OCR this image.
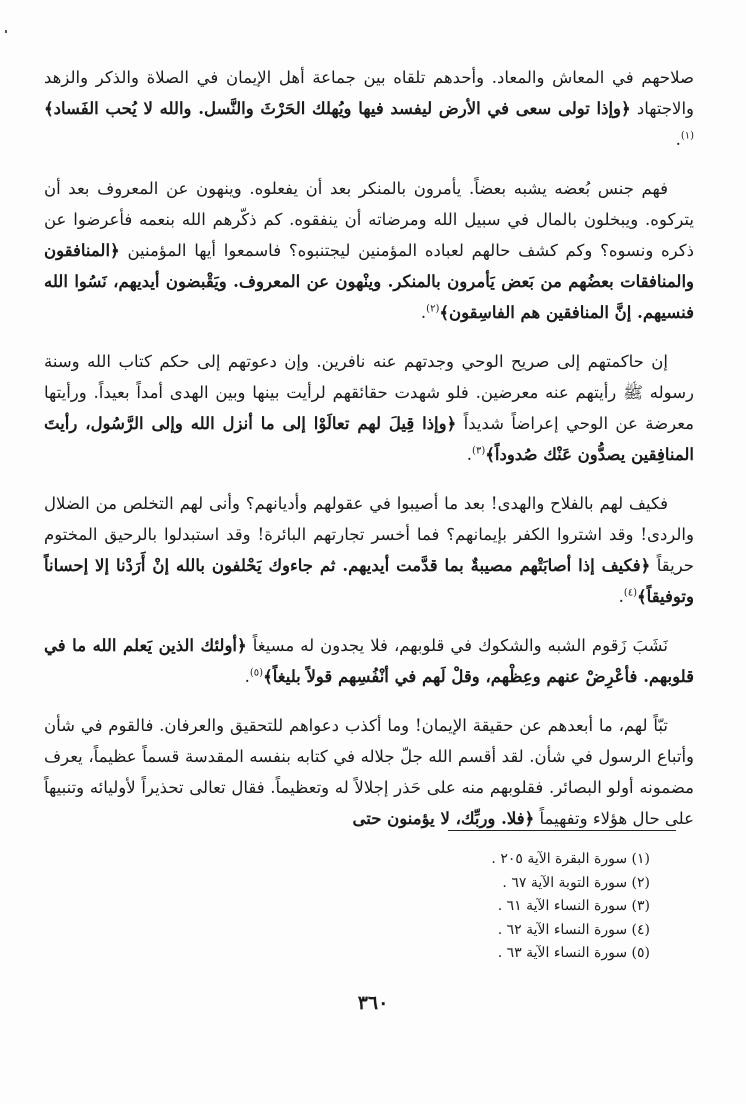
صلاحهم في المعاش والمعاد. وأحدهم تلقاه بين جماعة أهل الإيمان في الصلاة والذكر والزهد والاجتهاد ﴿وإذا تولى سعى في الأرض ليفسد فيها ويُهلك الحَرْثَ والنَّسل. والله لا يُحب الفَساد﴾$^{(١)}$.

فهم جنس بُعضه يشبه بعضاً. يأمرون بالمنكر بعد أن يفعلوه. وينهون عن المعروف بعد أن يتركوه. ويبخلون بالمال في سبيل الله ومرضاته أن ينفقوه. كم ذكّرهم الله بنعمه فأعرضوا عن ذكره ونسوه؟ وكم كشف حالهم لعباده المؤمنين ليجتنبوه؟ فاسمعوا أيها المؤمنين ﴿المنافقون والمنافقات بعضُهم من بَعض يَأمرون بالمنكر. وينْهون عن المعروف. ويَقْبضون أيديهم، نَسُوا الله فنسيهم. إنَّ المنافقين هم الفاسِقون﴾$^{(٢)}$.

إن حاكمتهم إلى صريح الوحي وجدتهم عنه نافرين. وإن دعوتهم إلى حكم كتاب الله وسنة رسوله ﷺ رأيتهم عنه معرضين. فلو شهدت حقائقهم لرأيت بينها وبين الهدى أمداً بعيداً. ورأيتها معرضة عن الوحي إعراضاً شديداً ﴿وإذا قِيلَ لهم تعالَوْا إلى ما أنزل الله وإلى الرَّسُول، رأيتَ المنافِقين يصدُّون عَنْك صُدوداً﴾$^{(٣)}$.

فكيف لهم بالفلاح والهدى! بعد ما أصيبوا في عقولهم وأديانهم؟ وأنى لهم التخلص من الضلال والردى! وقد اشتروا الكفر بإيمانهم؟ فما أخسر تجارتهم البائرة! وقد استبدلوا بالرحيق المختوم حريقاً ﴿فكيف إذا أصابَتْهم مصيبةٌ بما قدَّمت أيديهم. ثم جاءوك يَحْلفون بالله إنْ أَرَدْنا إلا إحساناً وتوفيقاً﴾$^{(٤)}$.

نَشَبَ زَقوم الشبه والشكوك في قلوبهم، فلا يجدون له مسيغاً ﴿أولئك الذين يَعلم الله ما في قلوبهم. فأعْرِضْ عنهم وعِظْهم، وقلْ لَهم في أنْفُسِهم قولاً بليغاً﴾$^{(٥)}$.

تبّاً لهم، ما أبعدهم عن حقيقة الإيمان! وما أكذب دعواهم للتحقيق والعرفان. فالقوم في شأن وأتباع الرسول في شأن. لقد أقسم الله جلّ جلاله في كتابه بنفسه المقدسة قسماً عظيماً، يعرف مضمونه أولو البصائر. فقلوبهم منه على حَذر إجلالاً له وتعظيماً. فقال تعالى تحذيراً لأوليائه وتنبيهاً على حال هؤلاء وتفهيماً ﴿فلا. وربِّك، لا يؤمنون حتى

(١) سورة البقرة الآية ٢٠٥ .
(٢) سورة التوبة الآية ٦٧ .
(٣) سورة النساء الآية ٦١ .
(٤) سورة النساء الآية ٦٢ .
(٥) سورة النساء الآية ٦٣ .
٣٦٠
